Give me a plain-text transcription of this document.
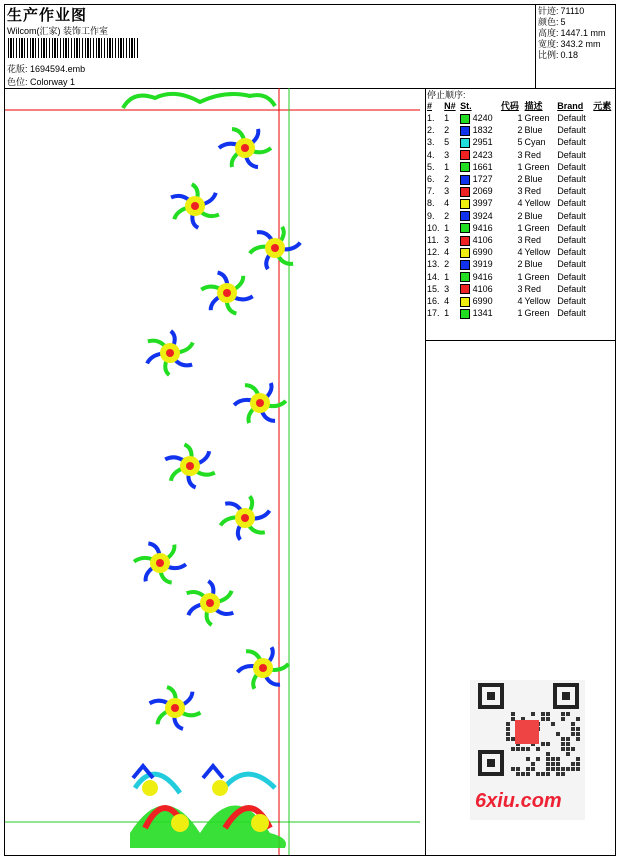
生产作业图
Wilcom(汇家) 装饰工作室
花版: 1694594.emb
色位: Colorway 1
针迹:	71110
颜色:	5
高度:	1447.1 mm
宽度:	343.2 mm
比例:	0.18
停止顺序:
#	N#	St.	代码	描述	Brand	元素
1.	1	4240	1	Green	Default	
2.	2	1832	2	Blue	Default	
3.	5	2951	5	Cyan	Default	
4.	3	2423	3	Red	Default	
5.	1	1661	1	Green	Default	
6.	2	1727	2	Blue	Default	
7.	3	2069	3	Red	Default	
8.	4	3997	4	Yellow	Default	
9.	2	3924	2	Blue	Default	
10.	1	9416	1	Green	Default	
11.	3	4106	3	Red	Default	
12.	4	6990	4	Yellow	Default	
13.	2	3919	2	Blue	Default	
14.	1	9416	1	Green	Default	
15.	3	4106	3	Red	Default	
16.	4	6990	4	Yellow	Default	
17.	1	1341	1	Green	Default	
6xiu.com
